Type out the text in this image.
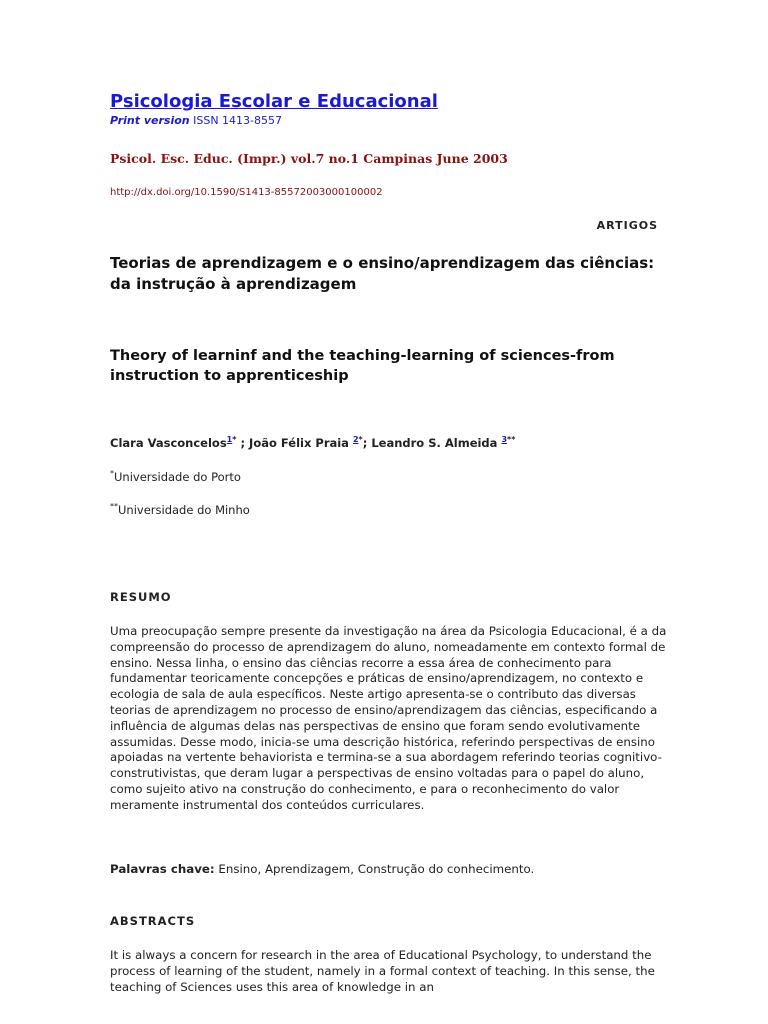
Psicologia Escolar e Educacional
Print version ISSN 1413-8557
Psicol. Esc. Educ. (Impr.) vol.7 no.1 Campinas June 2003
http://dx.doi.org/10.1590/S1413-85572003000100002
ARTIGOS
Teorias de aprendizagem e o ensino/aprendizagem das ciências: da instrução à aprendizagem
Theory of learninf and the teaching-learning of sciences-from instruction to apprenticeship
Clara Vasconcelos$^{1*}$ ; João Félix Praia $^{2*}$; Leandro S. Almeida $^{3**}$
*Universidade do Porto
**Universidade do Minho
RESUMO

Uma preocupação sempre presente da investigação na área da Psicologia Educacional, é a da compreensão do processo de aprendizagem do aluno, nomeadamente em contexto formal de ensino. Nessa linha, o ensino das ciências recorre a essa área de conhecimento para fundamentar teoricamente concepções e práticas de ensino/aprendizagem, no contexto e ecologia de sala de aula específicos. Neste artigo apresenta-se o contributo das diversas teorias de aprendizagem no processo de ensino/aprendizagem das ciências, especificando a influência de algumas delas nas perspectivas de ensino que foram sendo evolutivamente assumidas. Desse modo, inicia-se uma descrição histórica, referindo perspectivas de ensino apoiadas na vertente behaviorista e termina-se a sua abordagem referindo teorias cognitivo-construtivistas, que deram lugar a perspectivas de ensino voltadas para o papel do aluno, como sujeito ativo na construção do conhecimento, e para o reconhecimento do valor meramente instrumental dos conteúdos curriculares.

Palavras chave: Ensino, Aprendizagem, Construção do conhecimento.

ABSTRACTS

It is always a concern for research in the area of Educational Psychology, to understand the process of learning of the student, namely in a formal context of teaching. In this sense, the teaching of Sciences uses this area of knowledge in an
